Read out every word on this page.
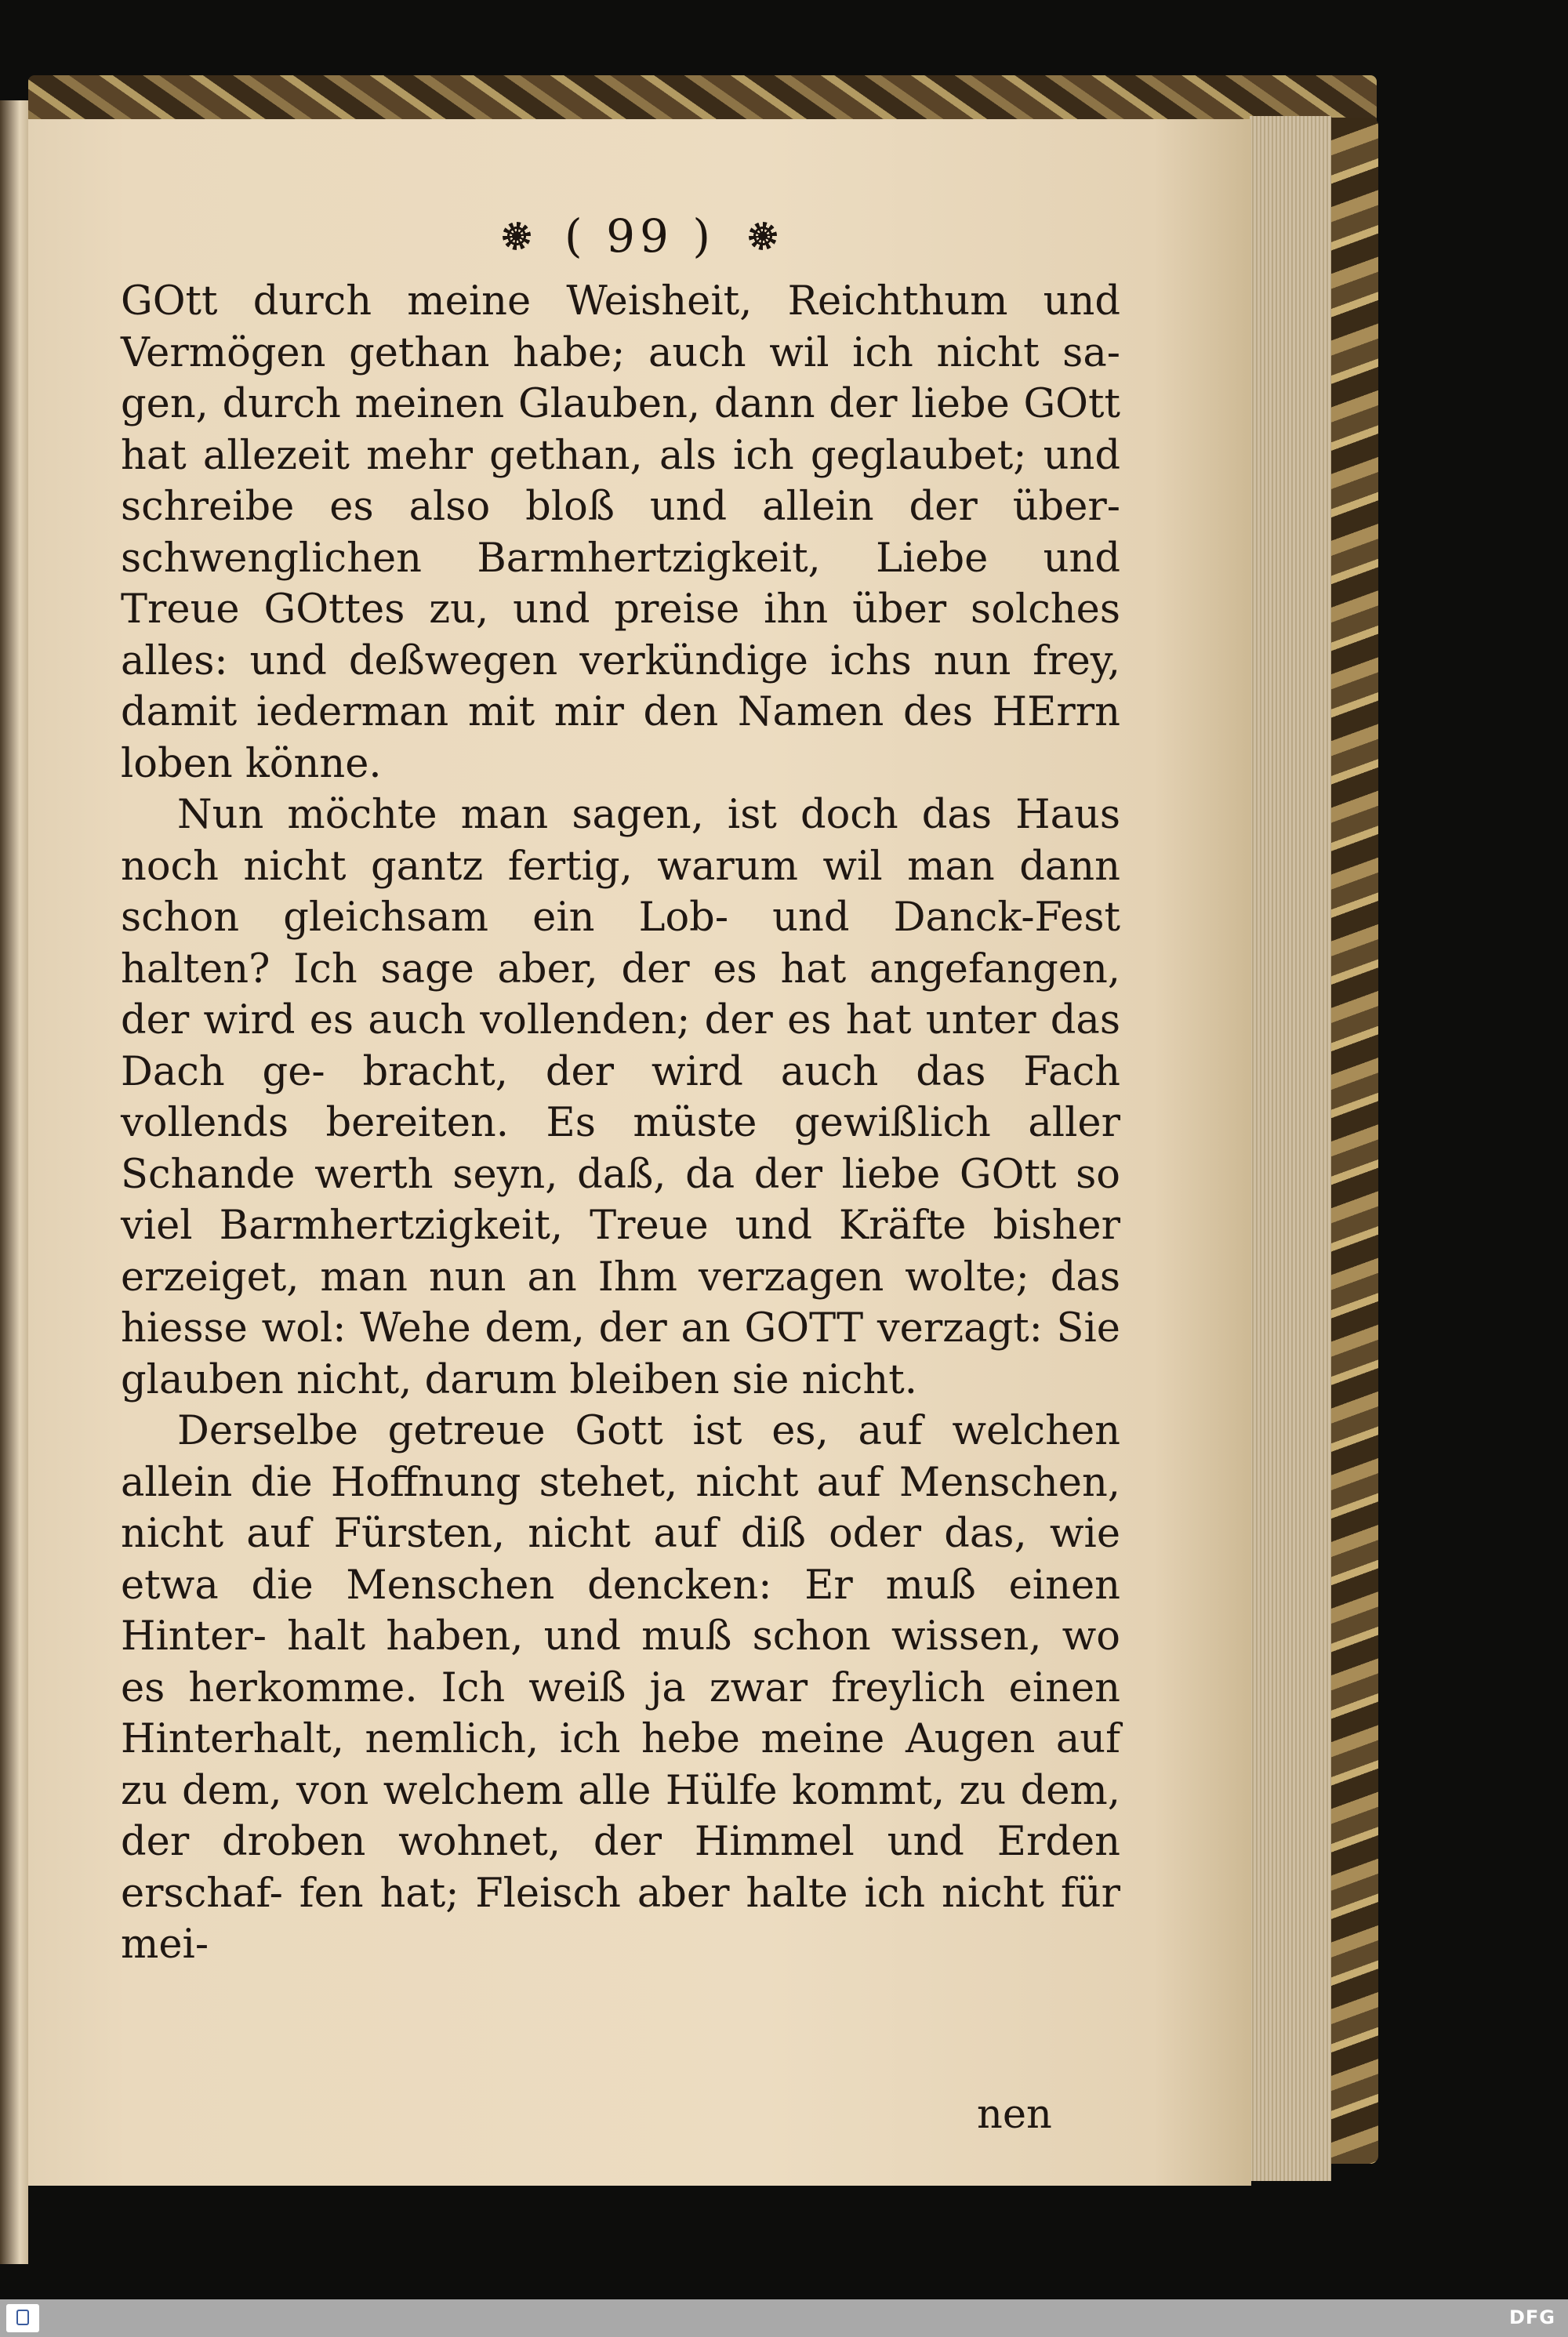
( 99 )

GOtt durch meine Weisheit, Reichthum und Vermögen gethan habe; auch wil ich nicht sa- gen, durch meinen Glauben, dann der liebe GOtt hat allezeit mehr gethan, als ich geglaubet; und schreibe es also bloß und allein der über- schwenglichen Barmhertzigkeit, Liebe und Treue GOttes zu, und preise ihn über solches alles: und deßwegen verkündige ichs nun frey, damit iederman mit mir den Namen des HErrn loben könne.

Nun möchte man sagen, ist doch das Haus noch nicht gantz fertig, warum wil man dann schon gleichsam ein Lob- und Danck-Fest halten? Ich sage aber, der es hat angefangen, der wird es auch vollenden; der es hat unter das Dach ge- bracht, der wird auch das Fach vollends bereiten. Es müste gewißlich aller Schande werth seyn, daß, da der liebe GOtt so viel Barmhertzigkeit, Treue und Kräfte bisher erzeiget, man nun an Ihm verzagen wolte; das hiesse wol: Wehe dem, der an GOTT verzagt: Sie glauben nicht, darum bleiben sie nicht.

Derselbe getreue Gott ist es, auf welchen allein die Hoffnung stehet, nicht auf Menschen, nicht auf Fürsten, nicht auf diß oder das, wie etwa die Menschen dencken: Er muß einen Hinter- halt haben, und muß schon wissen, wo es herkomme. Ich weiß ja zwar freylich einen Hinterhalt, nemlich, ich hebe meine Augen auf zu dem, von welchem alle Hülfe kommt, zu dem, der droben wohnet, der Himmel und Erden erschaf- fen hat; Fleisch aber halte ich nicht für mei-

nen
DFG
